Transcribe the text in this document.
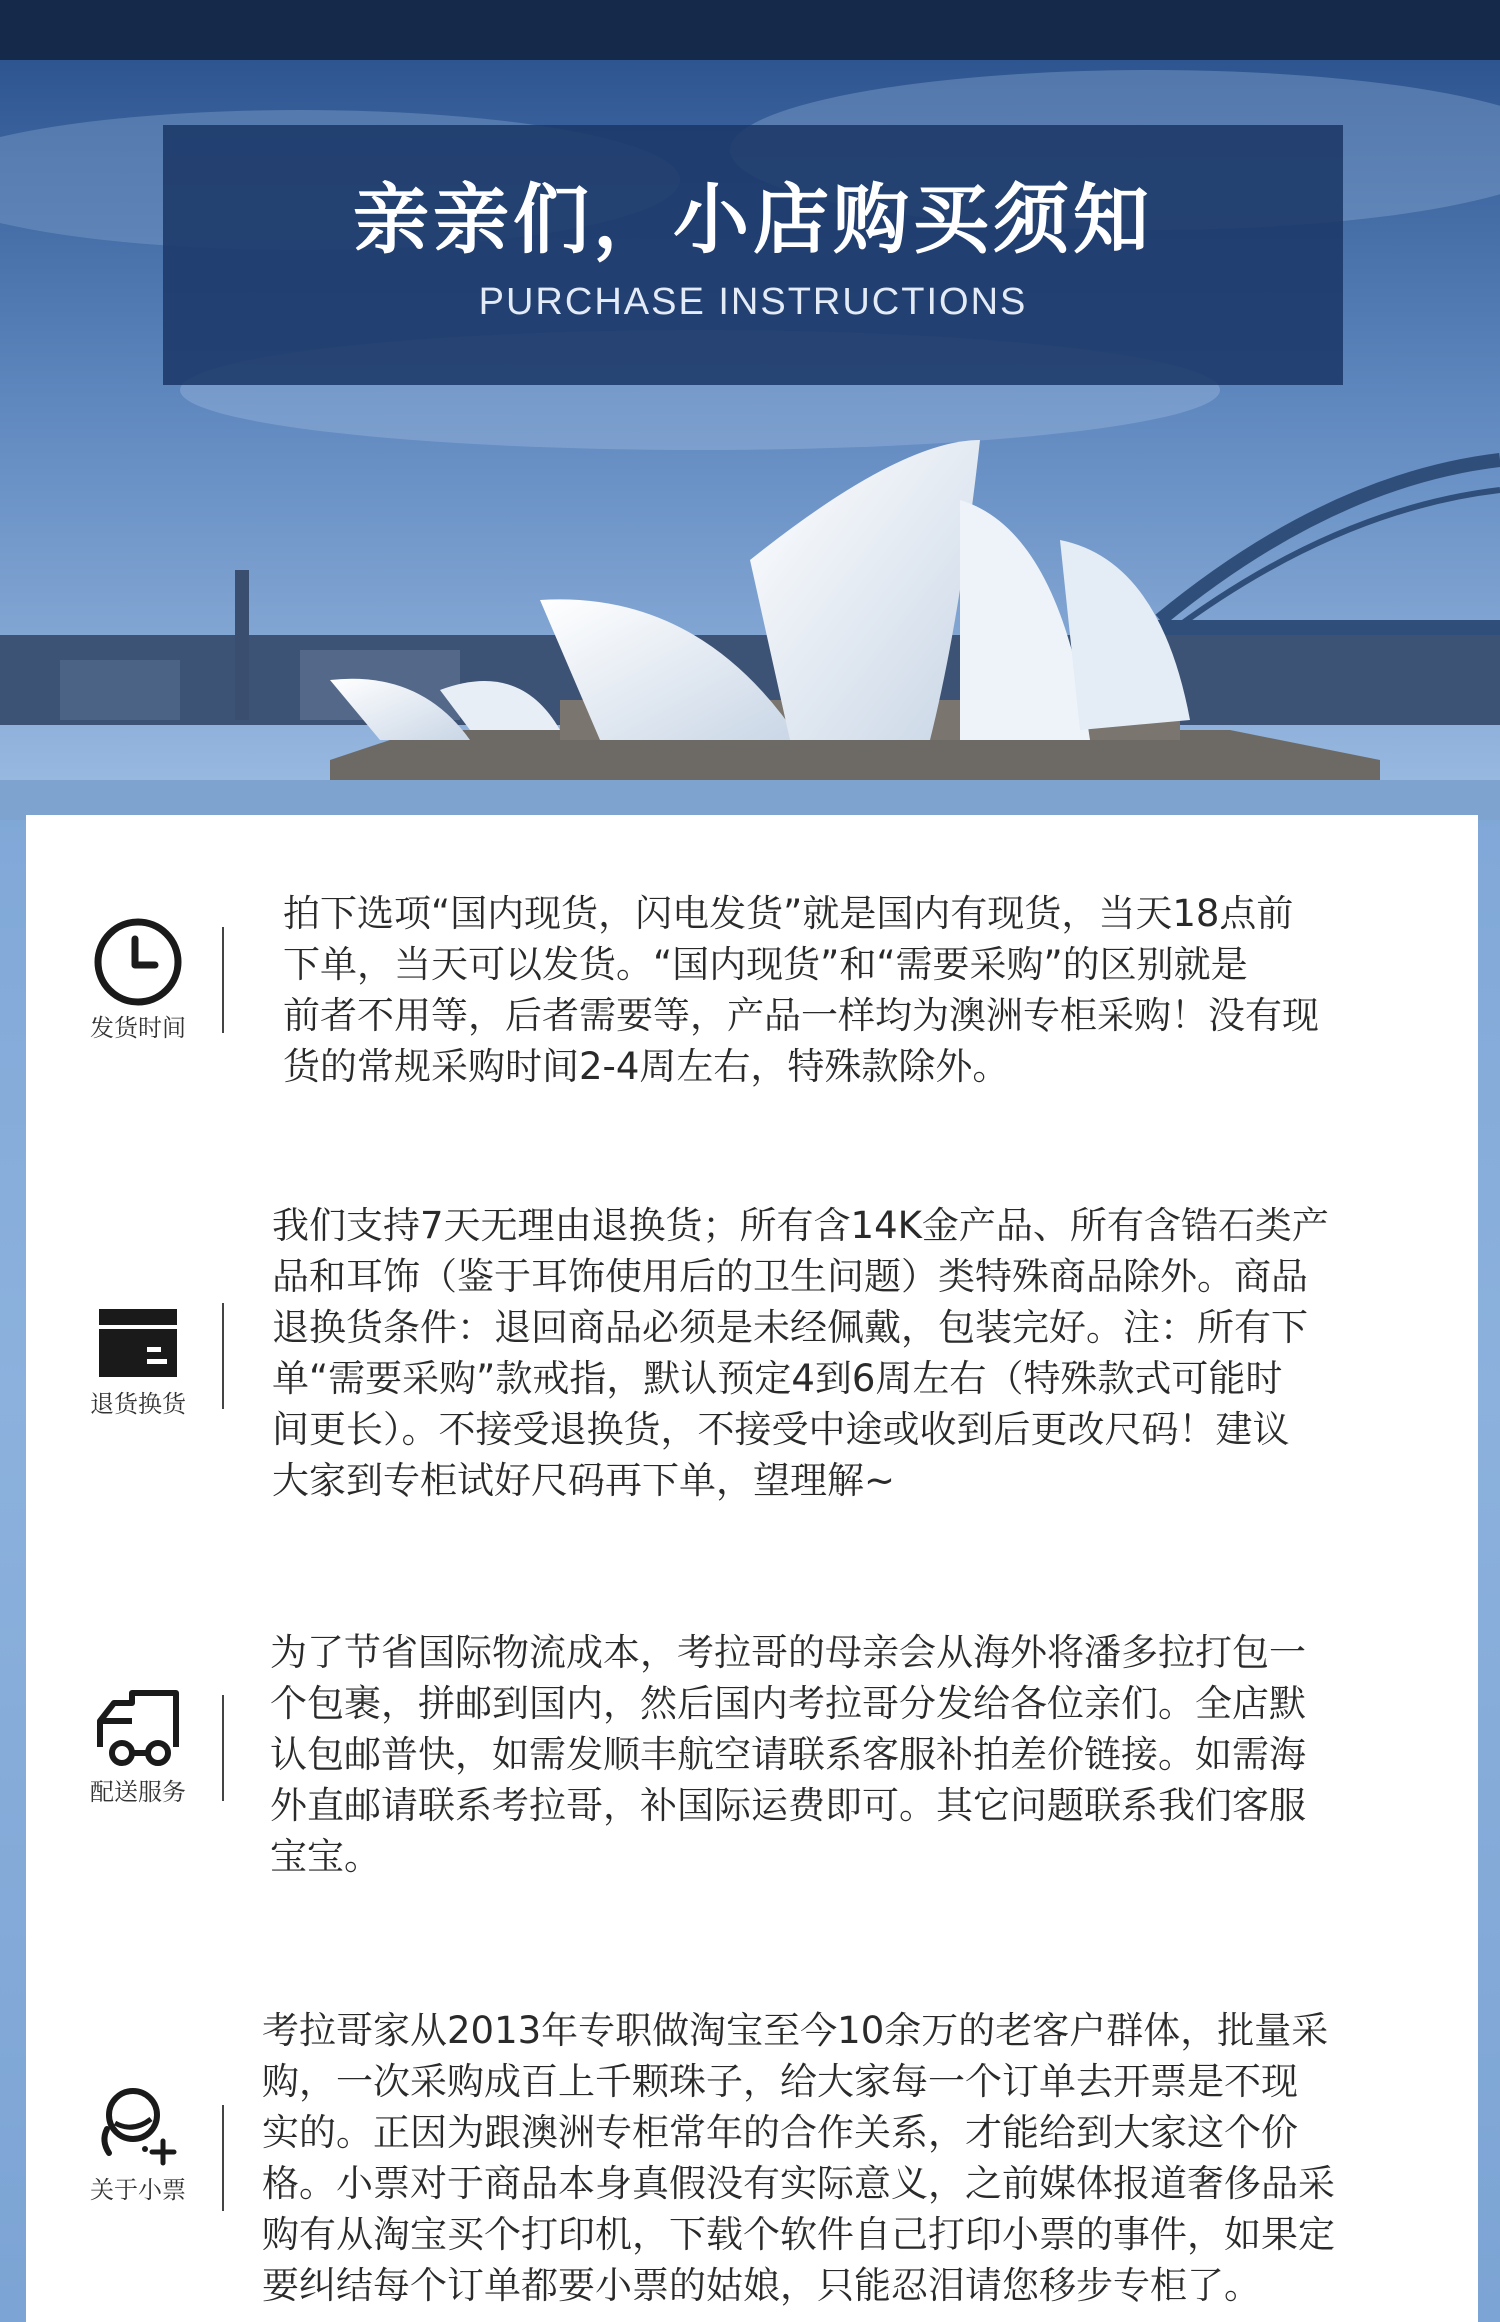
亲亲们，小店购买须知
PURCHASE INSTRUCTIONS
发货时间

拍下选项“国内现货，闪电发货”就是国内有现货，当天18点前
下单，当天可以发货。“国内现货”和“需要采购”的区别就是
前者不用等，后者需要等，产品一样均为澳洲专柜采购！没有现
货的常规采购时间2-4周左右，特殊款除外。

退货换货

我们支持7天无理由退换货；所有含14K金产品、所有含锆石类产
品和耳饰（鉴于耳饰使用后的卫生问题）类特殊商品除外。商品
退换货条件：退回商品必须是未经佩戴，包装完好。注：所有下
单“需要采购”款戒指，默认预定4到6周左右（特殊款式可能时
间更长）。不接受退换货，不接受中途或收到后更改尺码！建议
大家到专柜试好尺码再下单，望理解~

配送服务

为了节省国际物流成本，考拉哥的母亲会从海外将潘多拉打包一
个包裹，拼邮到国内，然后国内考拉哥分发给各位亲们。全店默
认包邮普快，如需发顺丰航空请联系客服补拍差价链接。如需海
外直邮请联系考拉哥，补国际运费即可。其它问题联系我们客服
宝宝。

关于小票

考拉哥家从2013年专职做淘宝至今10余万的老客户群体，批量采
购，一次采购成百上千颗珠子，给大家每一个订单去开票是不现
实的。正因为跟澳洲专柜常年的合作关系，才能给到大家这个价
格。小票对于商品本身真假没有实际意义，之前媒体报道奢侈品采
购有从淘宝买个打印机，下载个软件自己打印小票的事件，如果定
要纠结每个订单都要小票的姑娘，只能忍泪请您移步专柜了。
